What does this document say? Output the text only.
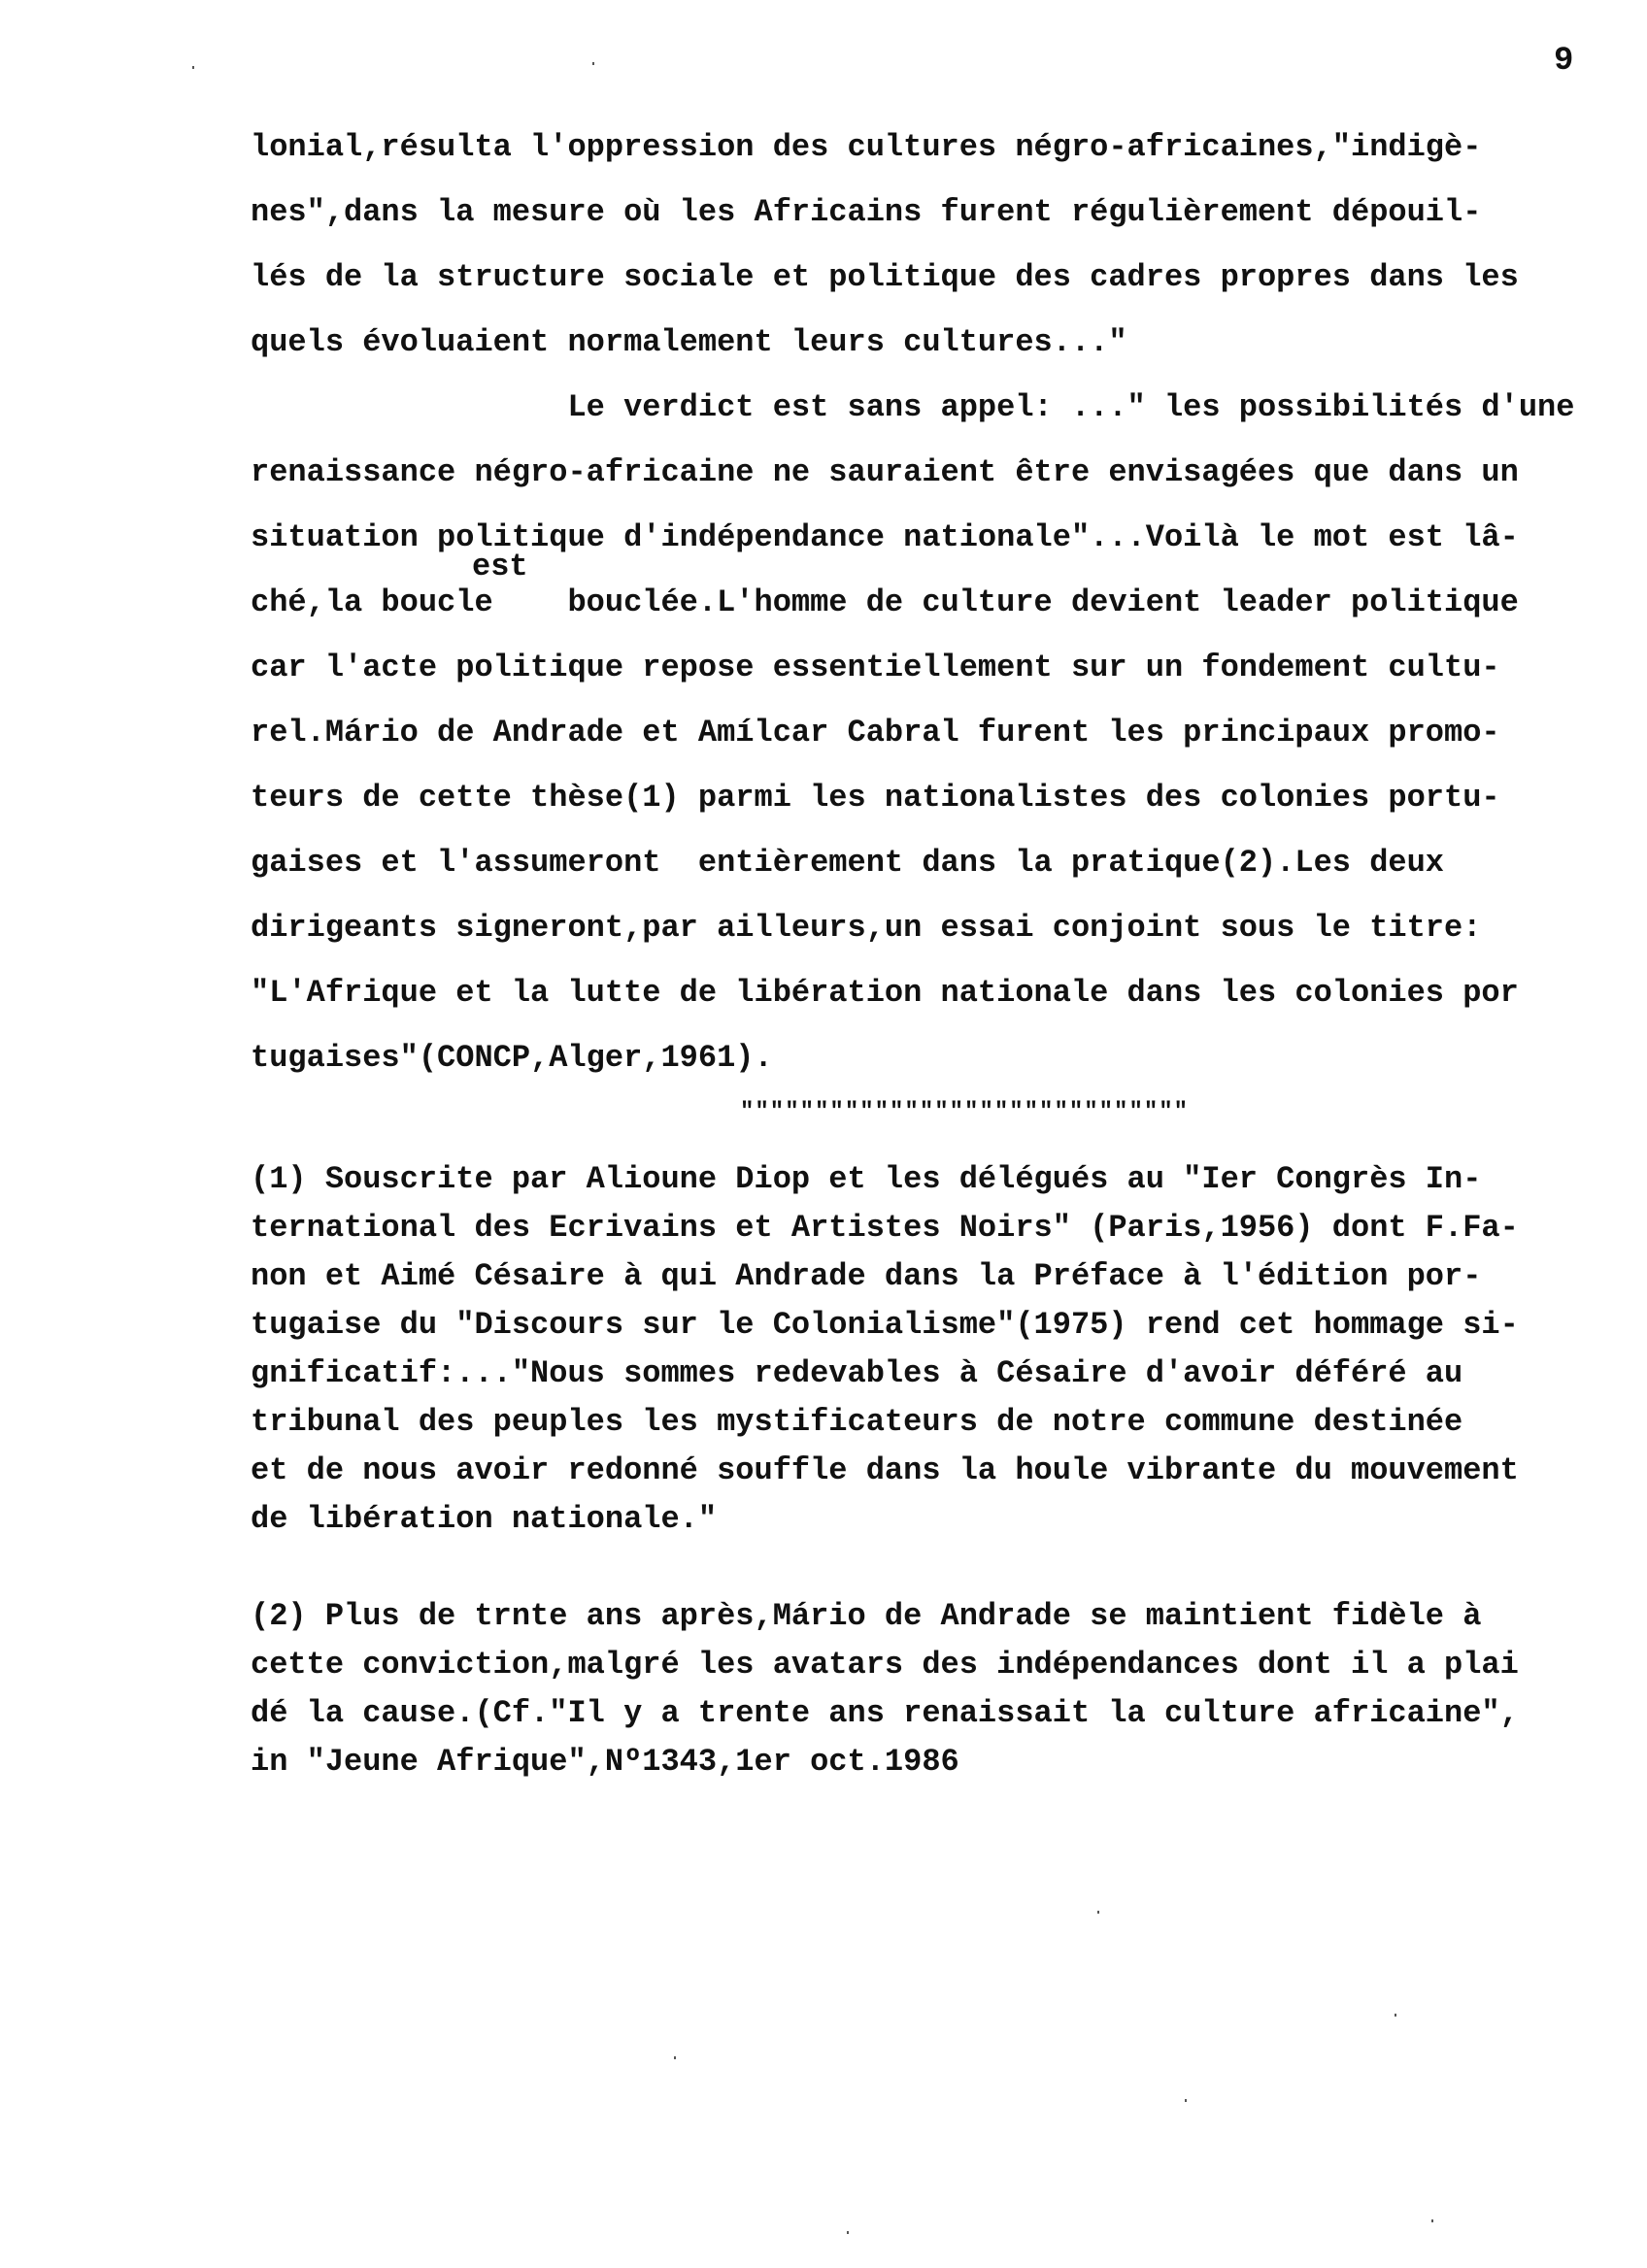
9
lonial,résulta l'oppression des cultures négro-africaines,"indigè-
nes",dans la mesure où les Africains furent régulièrement dépouil-
lés de la structure sociale et politique des cadres propres dans les
quels évoluaient normalement leurs cultures..."
Le verdict est sans appel: ..." les possibilités d'une
renaissance négro-africaine ne sauraient être envisagées que dans un
situation politique d'indépendance nationale"...Voilà le mot est lâ-
ché,la boucle    bouclée.L'homme de culture devient leader politique
car l'acte politique repose essentiellement sur un fondement cultu-
rel.Mário de Andrade et Amílcar Cabral furent les principaux promo-
teurs de cette thèse(1) parmi les nationalistes des colonies portu-
gaises et l'assumeront  entièrement dans la pratique(2).Les deux
dirigeants signeront,par ailleurs,un essai conjoint sous le titre:
"L'Afrique et la lutte de libération nationale dans les colonies por
tugaises"(CONCP,Alger,1961).
est
""""""""""""""""""""""""""""""
(1) Souscrite par Alioune Diop et les délégués au "Ier Congrès In-
ternational des Ecrivains et Artistes Noirs" (Paris,1956) dont F.Fa-
non et Aimé Césaire à qui Andrade dans la Préface à l'édition por-
tugaise du "Discours sur le Colonialisme"(1975) rend cet hommage si-
gnificatif:..."Nous sommes redevables à Césaire d'avoir déféré au
tribunal des peuples les mystificateurs de notre commune destinée
et de nous avoir redonné souffle dans la houle vibrante du mouvement
de libération nationale."
(2) Plus de trnte ans après,Mário de Andrade se maintient fidèle à
cette conviction,malgré les avatars des indépendances dont il a plai
dé la cause.(Cf."Il y a trente ans renaissait la culture africaine",
in "Jeune Afrique",Nº1343,1er oct.1986
